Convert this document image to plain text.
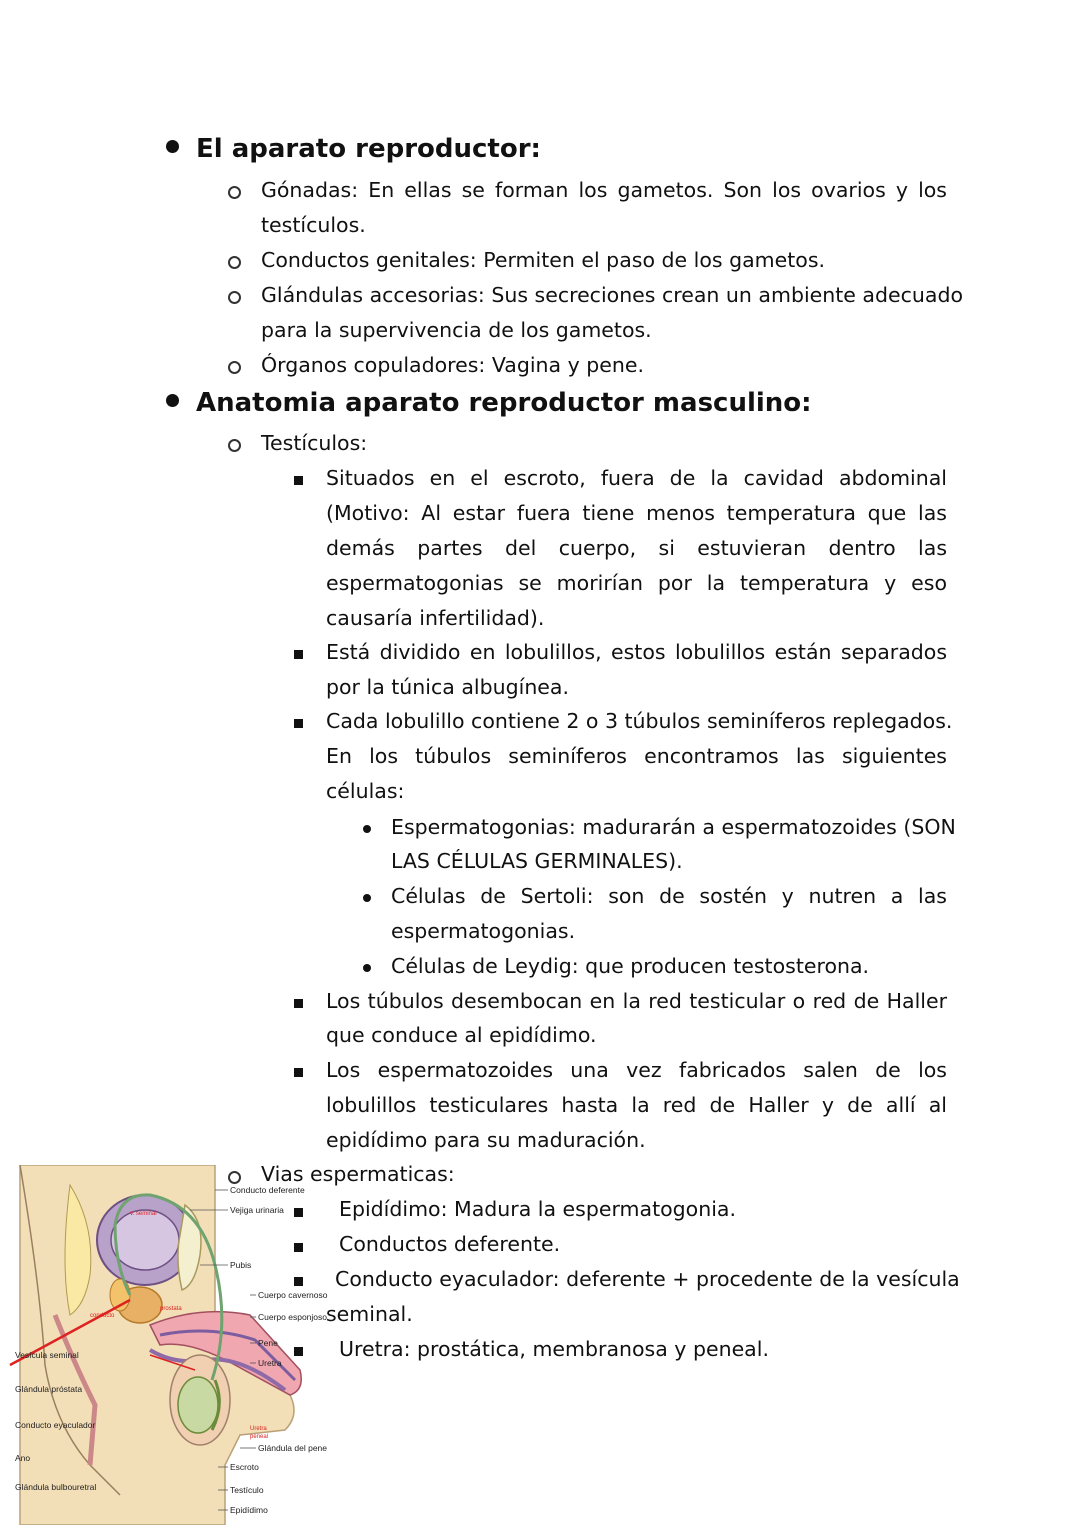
El aparato reproductor:

Gónadas: En ellas se forman los gametos. Son los ovarios y los

testículos.

Conductos genitales: Permiten el paso de los gametos.

Glándulas accesorias: Sus secreciones crean un ambiente adecuado

para la supervivencia de los gametos.

Órganos copuladores: Vagina y pene.

Anatomia aparato reproductor masculino:

Testículos:

Situados en el escroto, fuera de la cavidad abdominal

(Motivo: Al estar fuera tiene menos temperatura que las

demás partes del cuerpo, si estuvieran dentro las

espermatogonias se morirían por la temperatura y eso

causaría infertilidad).

Está dividido en lobulillos, estos lobulillos están separados

por la túnica albugínea.

Cada lobulillo contiene 2 o 3 túbulos seminíferos replegados.

En los túbulos seminíferos encontramos las siguientes

células:

Espermatogonias: madurarán a espermatozoides (SON

LAS CÉLULAS GERMINALES).

Células de Sertoli: son de sostén y nutren a las

espermatogonias.

Células de Leydig: que producen testosterona.

Los túbulos desembocan en la red testicular o red de Haller

que conduce al epidídimo.

Los espermatozoides una vez fabricados salen de los

lobulillos testiculares hasta la red de Haller y de allí al

epidídimo para su maduración.

Vias espermaticas:

Epidídimo: Madura la espermatogonia.

Conductos deferente.

Conducto eyaculador: deferente + procedente de la vesícula

seminal.

Uretra: prostática, membranosa y peneal.

v. seminal
conducto
prostata
Uretra
peneal
Conducto deferente
Vejiga urinaria
Pubis
Cuerpo cavernoso
Cuerpo esponjoso
Pene
Uretra
Glándula del pene
Escroto
Testículo
Epidídimo
Vesícula seminal
Glándula próstata
Conducto eyaculador
Ano
Glándula bulbouretral
